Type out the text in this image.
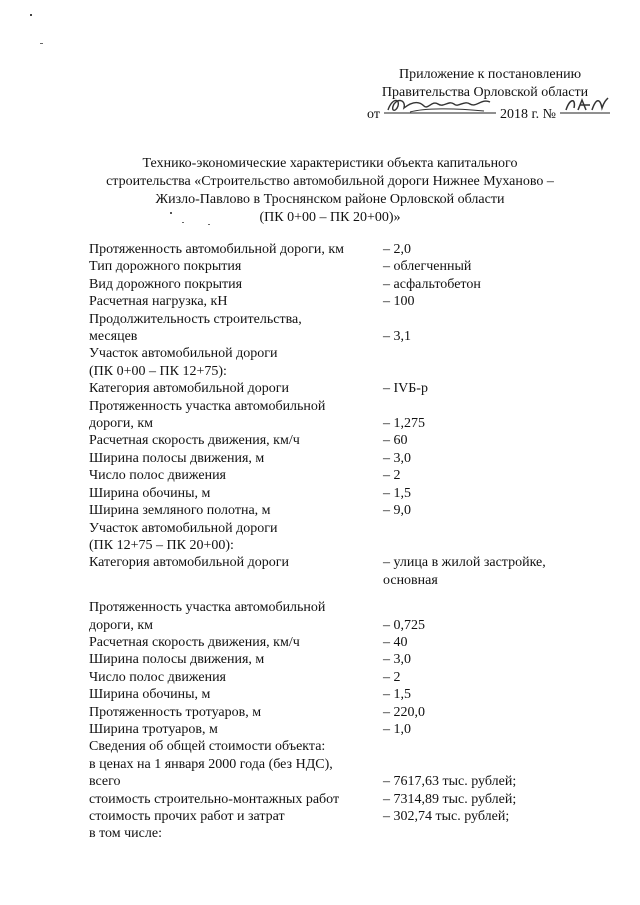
Приложение к постановлению
Правительства Орловской области
от	2018 г. №
Технико-экономические характеристики объекта капитального
строительства «Строительство автомобильной дороги Нижнее Муханово –
Жизло-Павлово в Троснянском районе Орловской области
(ПК 0+00 – ПК 20+00)»
Протяженность автомобильной дороги, км	– 2,0
Тип дорожного покрытия	– облегченный
Вид дорожного покрытия	– асфальтобетон
Расчетная нагрузка, кН	– 100
Продолжительность строительства,
месяцев	– 3,1
Участок автомобильной дороги
(ПК 0+00 – ПК 12+75):
Категория автомобильной дороги	– IVБ-р
Протяженность участка автомобильной
дороги, км	– 1,275
Расчетная скорость движения, км/ч	– 60
Ширина полосы движения, м	– 3,0
Число полос движения	– 2
Ширина обочины, м	– 1,5
Ширина земляного полотна, м	– 9,0
Участок автомобильной дороги
(ПК 12+75 – ПК 20+00):
Категория автомобильной дороги	– улица в жилой застройке,
основная
Протяженность участка автомобильной
дороги, км	– 0,725
Расчетная скорость движения, км/ч	– 40
Ширина полосы движения, м	– 3,0
Число полос движения	– 2
Ширина обочины, м	– 1,5
Протяженность тротуаров, м	– 220,0
Ширина тротуаров, м	– 1,0
Сведения об общей стоимости объекта:
в ценах на 1 января 2000 года (без НДС),
всего	– 7617,63 тыс. рублей;
стоимость строительно-монтажных работ	– 7314,89 тыс. рублей;
стоимость прочих работ и затрат	– 302,74 тыс. рублей;
в том числе:
